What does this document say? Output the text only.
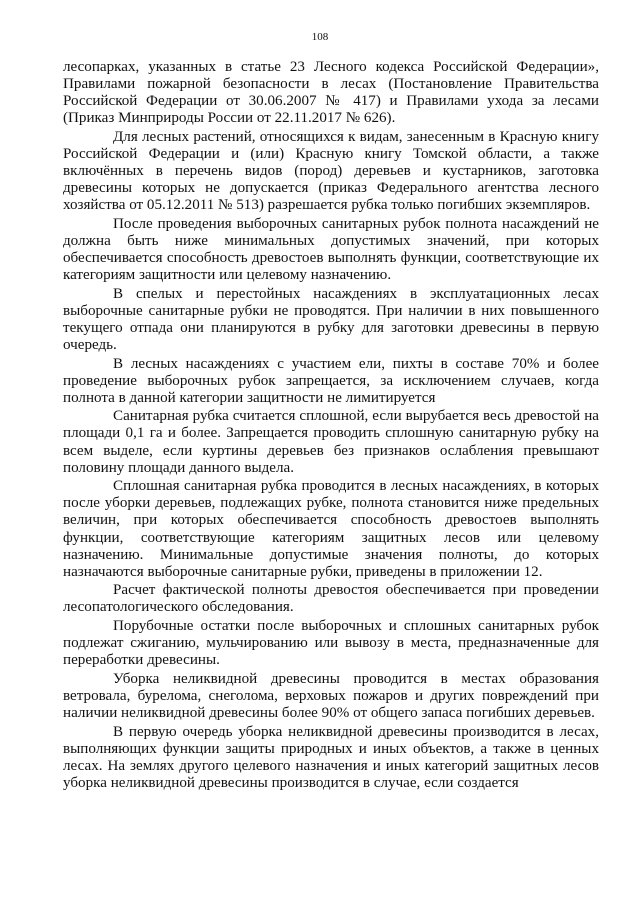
108

лесопарках, указанных в статье 23 Лесного кодекса Российской Федерации», Правилами пожарной безопасности в лесах (Постановление Правительства Российской Федерации от 30.06.2007 № 417) и Правилами ухода за лесами (Приказ Минприроды России от 22.11.2017 № 626).

Для лесных растений, относящихся к видам, занесенным в Красную книгу Российской Федерации и (или) Красную книгу Томской области, а также включённых в перечень видов (пород) деревьев и кустарников, заготовка древесины которых не допускается (приказ Федерального агентства лесного хозяйства от 05.12.2011 № 513) разрешается рубка только погибших экземпляров.

После проведения выборочных санитарных рубок полнота насаждений не должна быть ниже минимальных допустимых значений, при которых обеспечивается способность древостоев выполнять функции, соответствующие их категориям защитности или целевому назначению.

В спелых и перестойных насаждениях в эксплуатационных лесах выборочные санитарные рубки не проводятся. При наличии в них повышенного текущего отпада они планируются в рубку для заготовки древесины в первую очередь.

В лесных насаждениях с участием ели, пихты в составе 70% и более проведение выборочных рубок запрещается, за исключением случаев, когда полнота в данной категории защитности не лимитируется

Санитарная рубка считается сплошной, если вырубается весь древостой на площади 0,1 га и более. Запрещается проводить сплошную санитарную рубку на всем выделе, если куртины деревьев без признаков ослабления превышают половину площади данного выдела.

Сплошная санитарная рубка проводится в лесных насаждениях, в которых после уборки деревьев, подлежащих рубке, полнота становится ниже предельных величин, при которых обеспечивается способность древостоев выполнять функции, соответствующие категориям защитных лесов или целевому назначению. Минимальные допустимые значения полноты, до которых назначаются выборочные санитарные рубки, приведены в приложении 12.

Расчет фактической полноты древостоя обеспечивается при проведении лесопатологического обследования.

Порубочные остатки после выборочных и сплошных санитарных рубок подлежат сжиганию, мульчированию или вывозу в места, предназначенные для переработки древесины.

Уборка неликвидной древесины проводится в местах образования ветровала, бурелома, снеголома, верховых пожаров и других повреждений при наличии неликвидной древесины более 90% от общего запаса погибших деревьев.

В первую очередь уборка неликвидной древесины производится в лесах, выполняющих функции защиты природных и иных объектов, а также в ценных лесах. На землях другого целевого назначения и иных категорий защитных лесов уборка неликвидной древесины производится в случае, если создается
